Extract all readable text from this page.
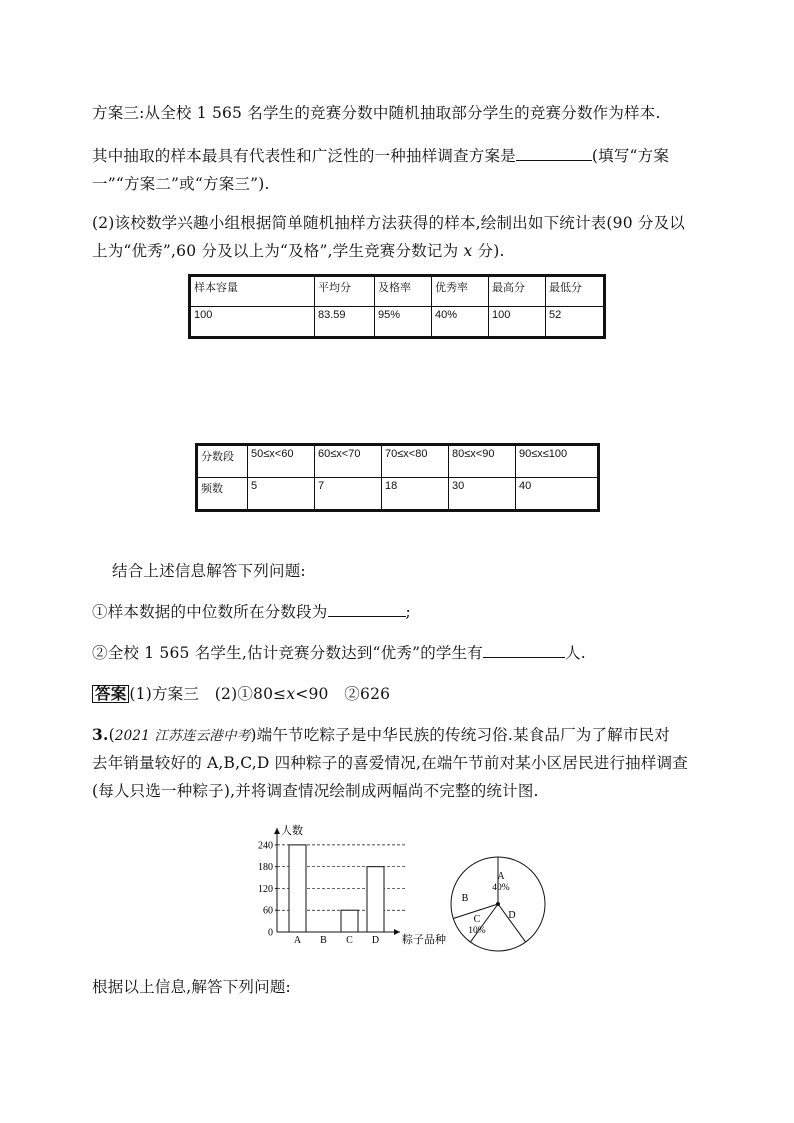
方案三:从全校 1 565 名学生的竞赛分数中随机抽取部分学生的竞赛分数作为样本.
其中抽取的样本最具有代表性和广泛性的一种抽样调查方案是	(填写“方案
一”“方案二”或“方案三”).
(2)该校数学兴趣小组根据简单随机抽样方法获得的样本,绘制出如下统计表(90 分及以
上为“优秀”,60 分及以上为“及格”,学生竞赛分数记为 x 分).
样本容量	平均分	及格率	优秀率	最高分	最低分
100	83.59	95%	40%	100	52
分数段	50≤x<60	60≤x<70	70≤x<80	80≤x<90	90≤x≤100
频数	5	7	18	30	40
结合上述信息解答下列问题:
①样本数据的中位数所在分数段为	;
②全校 1 565 名学生,估计竞赛分数达到“优秀”的学生有	人.
答案 (1)方案三　(2)①80≤x<90　②626
3.(2021 江苏连云港中考)端午节吃粽子是中华民族的传统习俗.某食品厂为了解市民对
去年销量较好的 A,B,C,D 四种粽子的喜爱情况,在端午节前对某小区居民进行抽样调查
(每人只选一种粽子),并将调查情况绘制成两幅尚不完整的统计图.
人数
粽子品种
0
60
120
180
240
A B C D
A
40%
B
C
10%
D
根据以上信息,解答下列问题:
